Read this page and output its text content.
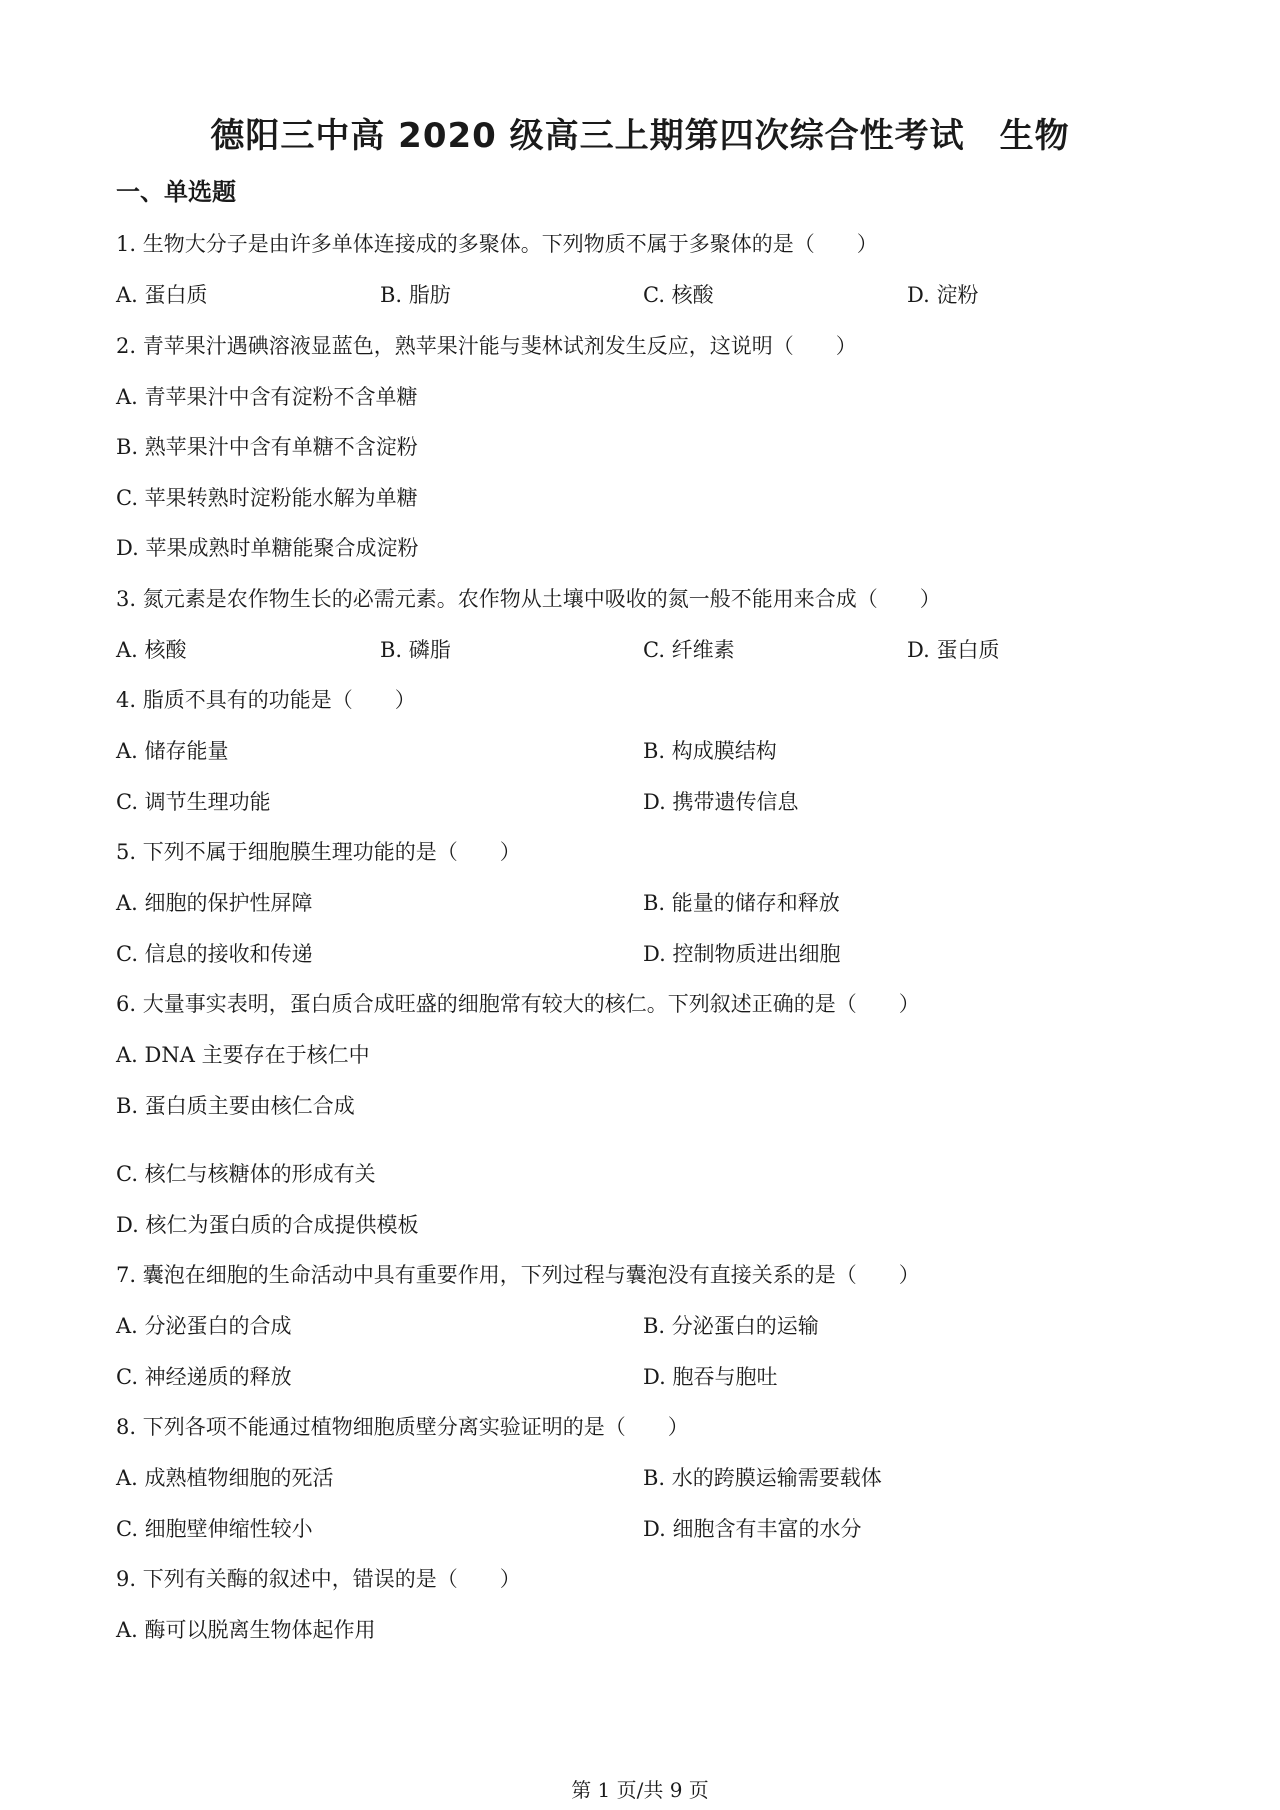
德阳三中高 2020 级高三上期第四次综合性考试　生物
一、单选题
1. 生物大分子是由许多单体连接成的多聚体。下列物质不属于多聚体的是（　　）
A. 蛋白质	B. 脂肪	C. 核酸	D. 淀粉
2. 青苹果汁遇碘溶液显蓝色，熟苹果汁能与斐林试剂发生反应，这说明（　　）
A. 青苹果汁中含有淀粉不含单糖
B. 熟苹果汁中含有单糖不含淀粉
C. 苹果转熟时淀粉能水解为单糖
D. 苹果成熟时单糖能聚合成淀粉
3. 氮元素是农作物生长的必需元素。农作物从土壤中吸收的氮一般不能用来合成（　　）
A. 核酸	B. 磷脂	C. 纤维素	D. 蛋白质
4. 脂质不具有的功能是（　　）
A. 储存能量	B. 构成膜结构
C. 调节生理功能	D. 携带遗传信息
5. 下列不属于细胞膜生理功能的是（　　）
A. 细胞的保护性屏障	B. 能量的储存和释放
C. 信息的接收和传递	D. 控制物质进出细胞
6. 大量事实表明，蛋白质合成旺盛的细胞常有较大的核仁。下列叙述正确的是（　　）
A. DNA 主要存在于核仁中
B. 蛋白质主要由核仁合成
C. 核仁与核糖体的形成有关
D. 核仁为蛋白质的合成提供模板
7. 囊泡在细胞的生命活动中具有重要作用，下列过程与囊泡没有直接关系的是（　　）
A. 分泌蛋白的合成	B. 分泌蛋白的运输
C. 神经递质的释放	D. 胞吞与胞吐
8. 下列各项不能通过植物细胞质壁分离实验证明的是（　　）
A. 成熟植物细胞的死活	B. 水的跨膜运输需要载体
C. 细胞壁伸缩性较小	D. 细胞含有丰富的水分
9. 下列有关酶的叙述中，错误的是（　　）
A. 酶可以脱离生物体起作用
第 1 页/共 9 页
